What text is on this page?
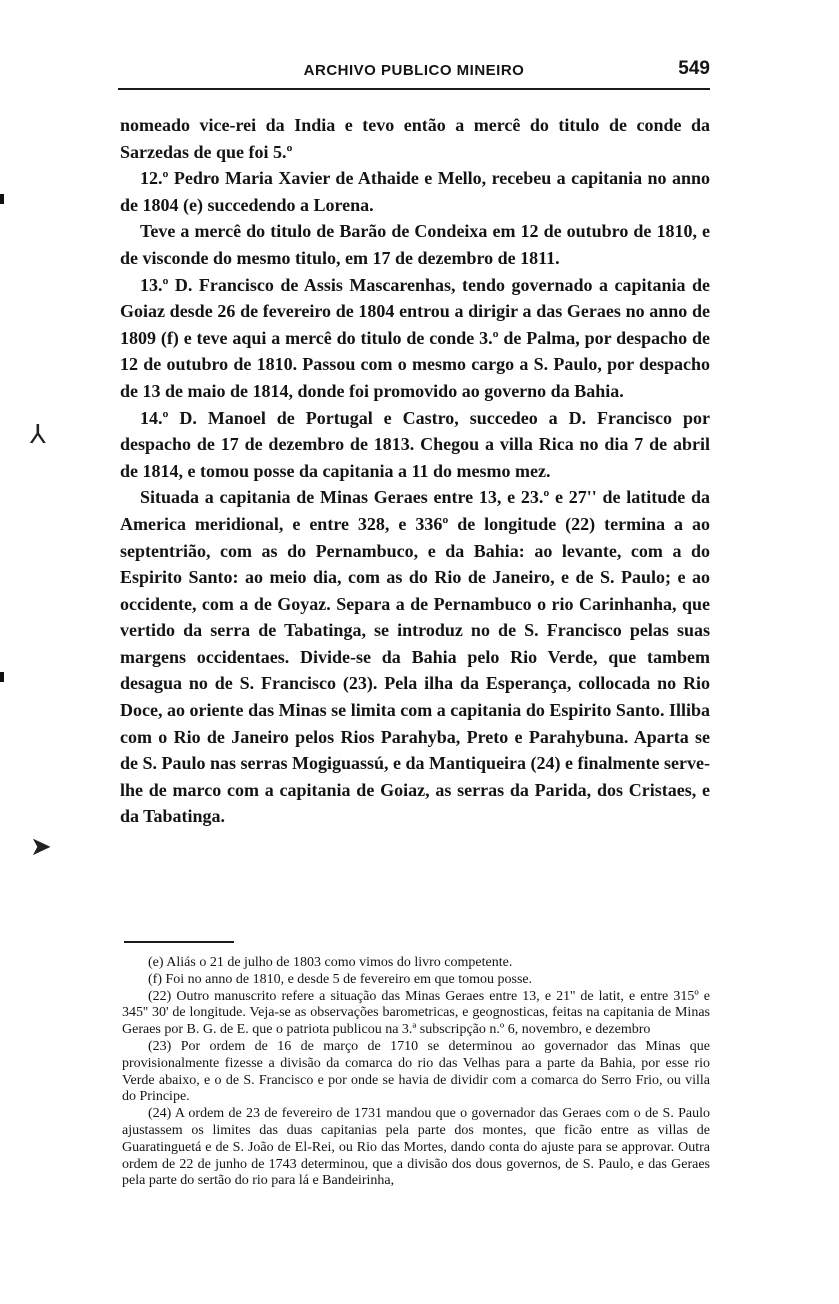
ARCHIVO PUBLICO MINEIRO	549
⅄
➤

nomeado vice-rei da India e tevo então a mercê do titulo de conde da Sarzedas de que foi 5.º

12.º Pedro Maria Xavier de Athaide e Mello, recebeu a capitania no anno de 1804 (e) succedendo a Lorena.

Teve a mercê do titulo de Barão de Condeixa em 12 de outubro de 1810, e de visconde do mesmo titulo, em 17 de dezembro de 1811.

13.º D. Francisco de Assis Mascarenhas, tendo governado a capitania de Goiaz desde 26 de fevereiro de 1804 entrou a dirigir a das Geraes no anno de 1809 (f) e teve aqui a mercê do titulo de conde 3.º de Palma, por despacho de 12 de outubro de 1810. Passou com o mesmo cargo a S. Paulo, por despacho de 13 de maio de 1814, donde foi promovido ao governo da Bahia.

14.º D. Manoel de Portugal e Castro, succedeo a D. Francisco por despacho de 17 de dezembro de 1813. Chegou a villa Rica no dia 7 de abril de 1814, e tomou posse da capitania a 11 do mesmo mez.

Situada a capitania de Minas Geraes entre 13, e 23.º e 27'' de latitude da America meridional, e entre 328, e 336º de longitude (22) termina a ao septentrião, com as do Pernambuco, e da Bahia: ao levante, com a do Espirito Santo: ao meio dia, com as do Rio de Janeiro, e de S. Paulo; e ao occidente, com a de Goyaz. Separa a de Pernambuco o rio Carinhanha, que vertido da serra de Tabatinga, se introduz no de S. Francisco pelas suas margens occidentaes. Divide-se da Bahia pelo Rio Verde, que tambem desagua no de S. Francisco (23). Pela ilha da Esperança, collocada no Rio Doce, ao oriente das Minas se limita com a capitania do Espirito Santo. Illiba com o Rio de Janeiro pelos Rios Parahyba, Preto e Parahybuna. Aparta se de S. Paulo nas serras Mogiguassú, e da Mantiqueira (24) e finalmente serve-lhe de marco com a capitania de Goiaz, as serras da Parida, dos Cristaes, e da Tabatinga.

(e) Aliás o 21 de julho de 1803 como vimos do livro competente.

(f) Foi no anno de 1810, e desde 5 de fevereiro em que tomou posse.

(22) Outro manuscrito refere a situação das Minas Geraes entre 13, e 21'' de latit, e entre 315º e 345'' 30' de longitude. Veja-se as observações barometricas, e geognosticas, feitas na capitania de Minas Geraes por B. G. de E. que o patriota publicou na 3.ª subscripção n.º 6, novembro, e dezembro

(23) Por ordem de 16 de março de 1710 se determinou ao governador das Minas que provisionalmente fizesse a divisão da comarca do rio das Velhas para a parte da Bahia, por esse rio Verde abaixo, e o de S. Francisco e por onde se havia de dividir com a comarca do Serro Frio, ou villa do Principe.

(24) A ordem de 23 de fevereiro de 1731 mandou que o governador das Geraes com o de S. Paulo ajustassem os limites das duas capitanias pela parte dos montes, que ficão entre as villas de Guaratinguetá e de S. João de El-Rei, ou Rio das Mortes, dando conta do ajuste para se approvar. Outra ordem de 22 de junho de 1743 determinou, que a divisão dos dous governos, de S. Paulo, e das Geraes pela parte do sertão do rio para lá e Bandeirinha,
